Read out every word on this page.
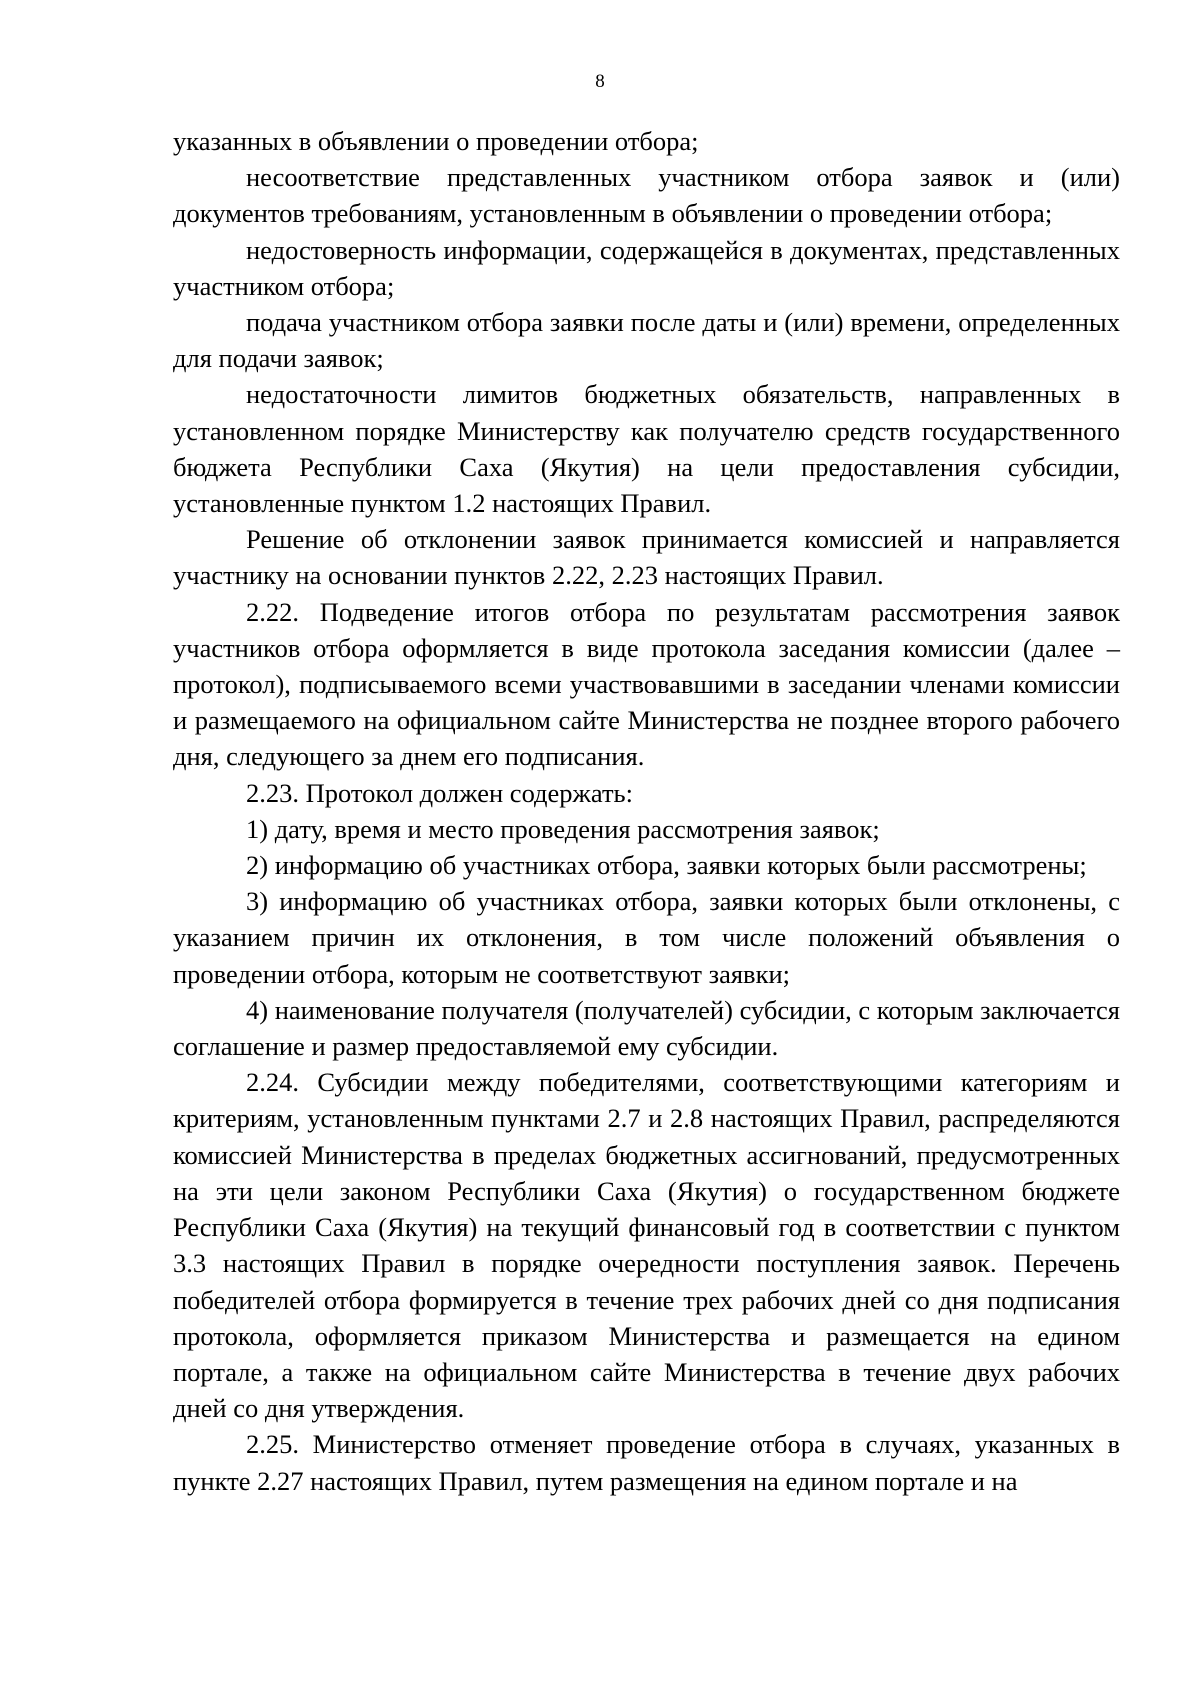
8

указанных в объявлении о проведении отбора;

несоответствие представленных участником отбора заявок и (или) документов требованиям, установленным в объявлении о проведении отбора;

недостоверность информации, содержащейся в документах, представленных участником отбора;

подача участником отбора заявки после даты и (или) времени, определенных для подачи заявок;

недостаточности лимитов бюджетных обязательств, направленных в установленном порядке Министерству как получателю средств государственного бюджета Республики Саха (Якутия) на цели предоставления субсидии, установленные пунктом 1.2 настоящих Правил.

Решение об отклонении заявок принимается комиссией и направляется участнику на основании пунктов 2.22, 2.23 настоящих Правил.

2.22. Подведение итогов отбора по результатам рассмотрения заявок участников отбора оформляется в виде протокола заседания комиссии (далее – протокол), подписываемого всеми участвовавшими в заседании членами комиссии и размещаемого на официальном сайте Министерства не позднее второго рабочего дня, следующего за днем его подписания.

2.23. Протокол должен содержать:

1) дату, время и место проведения рассмотрения заявок;

2) информацию об участниках отбора, заявки которых были рассмотрены;

3) информацию об участниках отбора, заявки которых были отклонены, с указанием причин их отклонения, в том числе положений объявления о проведении отбора, которым не соответствуют заявки;

4) наименование получателя (получателей) субсидии, с которым заключается соглашение и размер предоставляемой ему субсидии.

2.24. Субсидии между победителями, соответствующими категориям и критериям, установленным пунктами 2.7 и 2.8 настоящих Правил, распределяются комиссией Министерства в пределах бюджетных ассигнований, предусмотренных на эти цели законом Республики Саха (Якутия) о государственном бюджете Республики Саха (Якутия) на текущий финансовый год в соответствии с пунктом 3.3 настоящих Правил в порядке очередности поступления заявок. Перечень победителей отбора формируется в течение трех рабочих дней со дня подписания протокола, оформляется приказом Министерства и размещается на едином портале, а также на официальном сайте Министерства в течение двух рабочих дней со дня утверждения.

2.25. Министерство отменяет проведение отбора в случаях, указанных в пункте 2.27 настоящих Правил, путем размещения на едином портале и на
